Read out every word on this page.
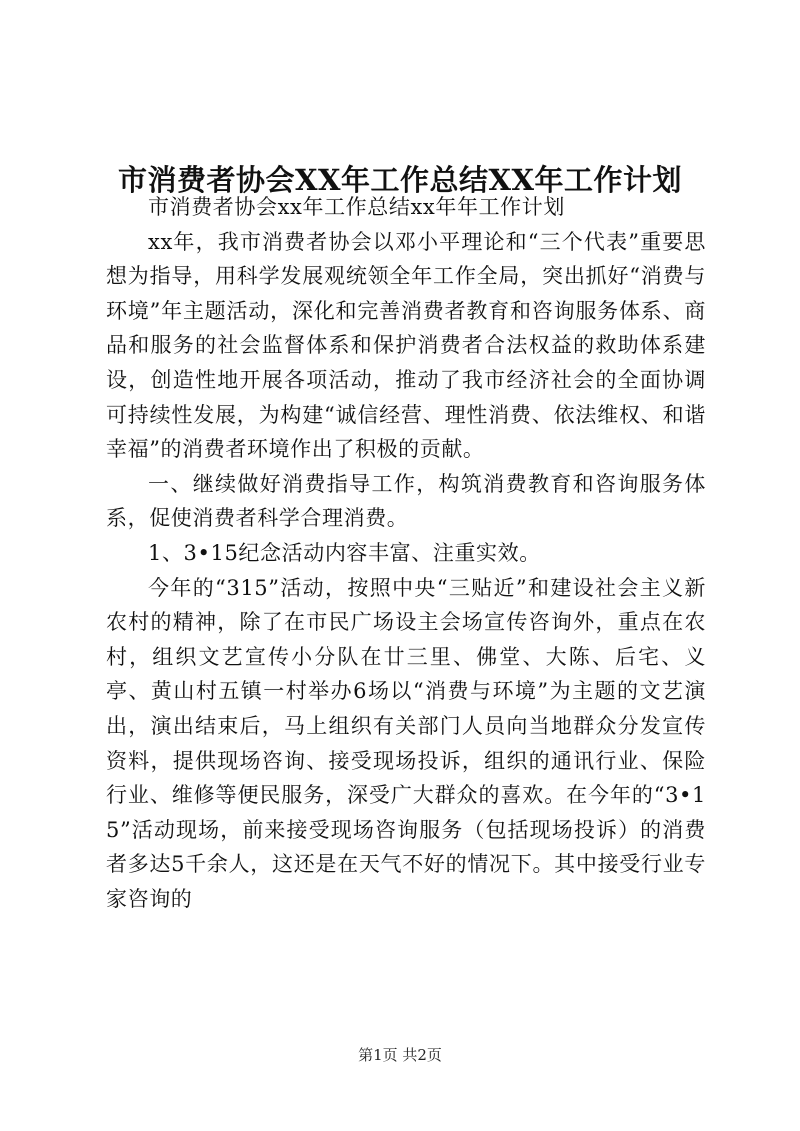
市消费者协会XX年工作总结XX年工作计划

市消费者协会xx年工作总结xx年年工作计划

xx年，我市消费者协会以邓小平理论和“三个代表”重要思想为指导，用科学发展观统领全年工作全局，突出抓好“消费与环境”年主题活动，深化和完善消费者教育和咨询服务体系、商品和服务的社会监督体系和保护消费者合法权益的救助体系建设，创造性地开展各项活动，推动了我市经济社会的全面协调可持续性发展，为构建“诚信经营、理性消费、依法维权、和谐幸福”的消费者环境作出了积极的贡献。

一、继续做好消费指导工作，构筑消费教育和咨询服务体系，促使消费者科学合理消费。

1、3•15纪念活动内容丰富、注重实效。

今年的“315”活动，按照中央“三贴近”和建设社会主义新农村的精神，除了在市民广场设主会场宣传咨询外，重点在农村，组织文艺宣传小分队在廿三里、佛堂、大陈、后宅、义亭、黄山村五镇一村举办6场以“消费与环境”为主题的文艺演出，演出结束后，马上组织有关部门人员向当地群众分发宣传资料，提供现场咨询、接受现场投诉，组织的通讯行业、保险行业、维修等便民服务，深受广大群众的喜欢。在今年的“3•15”活动现场，前来接受现场咨询服务（包括现场投诉）的消费者多达5千余人，这还是在天气不好的情况下。其中接受行业专家咨询的

第1页 共2页
